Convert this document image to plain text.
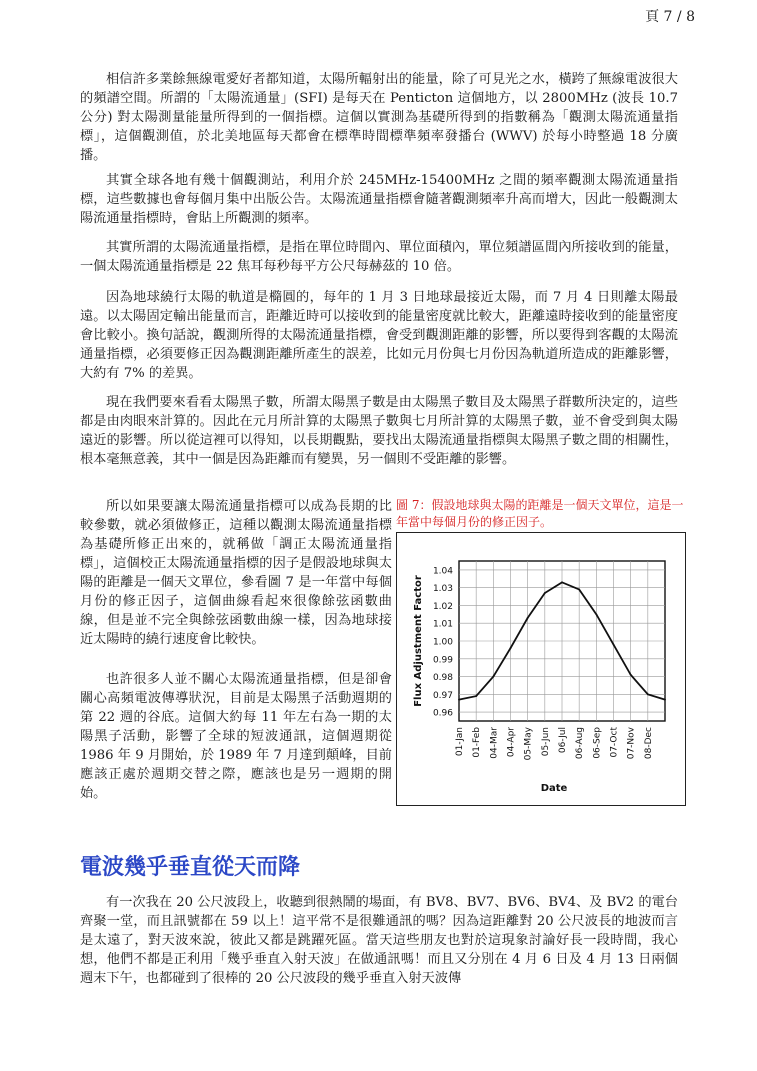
頁 7 / 8

相信許多業餘無線電愛好者都知道，太陽所輻射出的能量，除了可見光之水，橫跨了無線電波很大的頻譜空間。所謂的「太陽流通量」(SFI) 是每天在 Penticton 這個地方，以 2800MHz (波長 10.7 公分) 對太陽測量能量所得到的一個指標。這個以實測為基礎所得到的指數稱為「觀測太陽流通量指標」，這個觀測值，於北美地區每天都會在標準時間標準頻率發播台 (WWV) 於每小時整過 18 分廣播。

其實全球各地有幾十個觀測站，利用介於 245MHz-15400MHz 之間的頻率觀測太陽流通量指標，這些數據也會每個月集中出版公告。太陽流通量指標會隨著觀測頻率升高而增大，因此一般觀測太陽流通量指標時，會貼上所觀測的頻率。

其實所謂的太陽流通量指標，是指在單位時間內、單位面積內，單位頻譜區間內所接收到的能量，一個太陽流通量指標是 22 焦耳每秒每平方公尺每赫茲的 10 倍。

因為地球繞行太陽的軌道是橢圓的，每年的 1 月 3 日地球最接近太陽，而 7 月 4 日則離太陽最遠。以太陽固定輸出能量而言，距離近時可以接收到的能量密度就比較大，距離遠時接收到的能量密度會比較小。換句話說，觀測所得的太陽流通量指標，會受到觀測距離的影響，所以要得到客觀的太陽流通量指標，必須要修正因為觀測距離所產生的誤差，比如元月份與七月份因為軌道所造成的距離影響，大約有 7% 的差異。

現在我們要來看看太陽黑子數，所謂太陽黑子數是由太陽黑子數目及太陽黑子群數所決定的，這些都是由肉眼來計算的。因此在元月所計算的太陽黑子數與七月所計算的太陽黑子數，並不會受到與太陽遠近的影響。所以從這裡可以得知，以長期觀點，要找出太陽流通量指標與太陽黑子數之間的相關性，根本毫無意義，其中一個是因為距離而有變異，另一個則不受距離的影響。

所以如果要讓太陽流通量指標可以成為長期的比較參數，就必須做修正，這種以觀測太陽流通量指標為基礎所修正出來的，就稱做「調正太陽流通量指標」，這個校正太陽流通量指標的因子是假設地球與太陽的距離是一個天文單位，參看圖 7 是一年當中每個月份的修正因子，這個曲線看起來很像餘弦函數曲線，但是並不完全與餘弦函數曲線一樣，因為地球接近太陽時的繞行速度會比較快。

也許很多人並不關心太陽流通量指標，但是卻會關心高頻電波傳導狀況，目前是太陽黑子活動週期的第 22 週的谷底。這個大約每 11 年左右為一期的太陽黑子活動，影響了全球的短波通訊，這個週期從 1986 年 9 月開始，於 1989 年 7 月達到顛峰，目前應該正處於週期交替之際，應該也是另一週期的開始。

圖 7：假設地球與太陽的距離是一個天文單位，這是一年當中每個月份的修正因子。

0.96
0.97
0.98
0.99
1.00
1.01
1.02
1.03
1.04
01-Jan 01-Feb 04-Mar 04-Apr 05-May 05-Jun 06-Jul 06-Aug 06-Sep 07-Oct 07-Nov 08-Dec
Flux Adjustment Factor
Date
電波幾乎垂直從天而降

有一次我在 20 公尺波段上，收聽到很熱鬧的場面，有 BV8、BV7、BV6、BV4、及 BV2 的電台齊聚一堂，而且訊號都在 59 以上！這平常不是很難通訊的嗎？因為這距離對 20 公尺波長的地波而言是太遠了，對天波來說，彼此又都是跳躍死區。當天這些朋友也對於這現象討論好長一段時間，我心想，他們不都是正利用「幾乎垂直入射天波」在做通訊嗎！而且又分別在 4 月 6 日及 4 月 13 日兩個週末下午，也都碰到了很棒的 20 公尺波段的幾乎垂直入射天波傳
